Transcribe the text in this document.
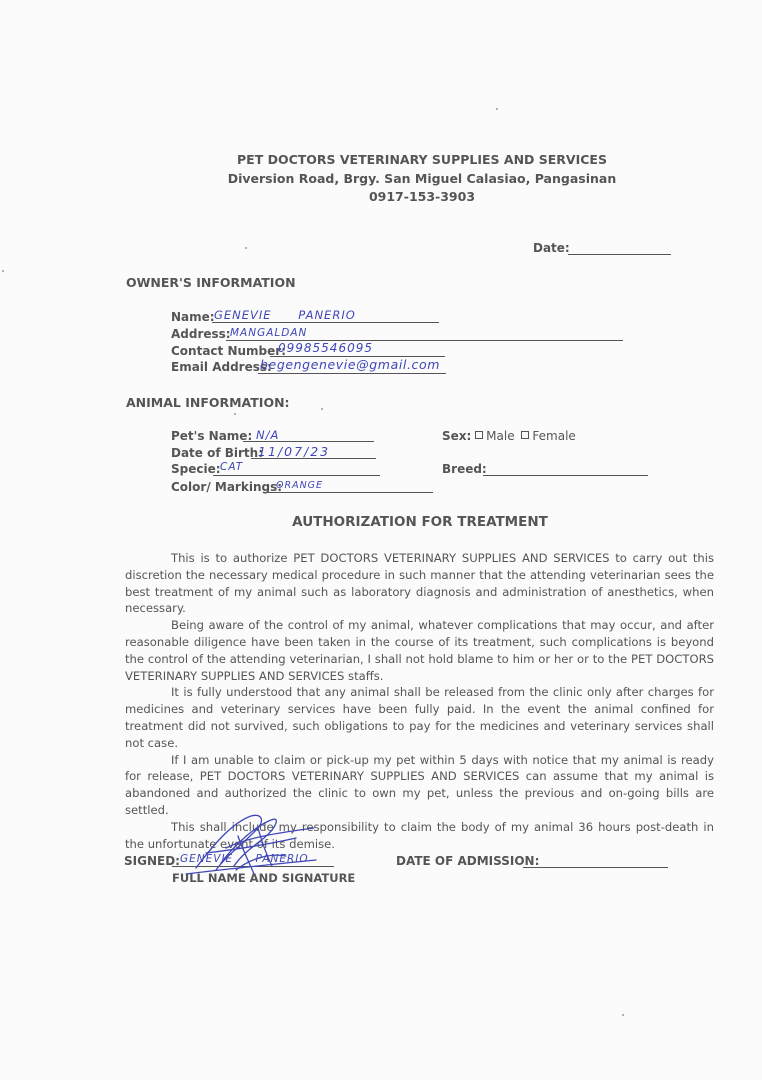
PET DOCTORS VETERINARY SUPPLIES AND SERVICES
Diversion Road, Brgy. San Miguel Calasiao, Pangasinan
0917-153-3903
Date:
OWNER'S INFORMATION
Name: GENEVIE PANERIO
Address: MANGALDAN
Contact Number:
09985546095
Email Address:
begengenevie@gmail.com
ANIMAL INFORMATION:
Pet's Name: N/A
Date of Birth:
11/07/23
Specie: CAT
Color/ Markings:
ORANGE
Sex: Male Female
Breed:
AUTHORIZATION FOR TREATMENT

This is to authorize PET DOCTORS VETERINARY SUPPLIES AND SERVICES to carry out this discretion the necessary medical procedure in such manner that the attending veterinarian sees the best treatment of my animal such as laboratory diagnosis and administration of anesthetics, when necessary.

Being aware of the control of my animal, whatever complications that may occur, and after reasonable diligence have been taken in the course of its treatment, such complications is beyond the control of the attending veterinarian, I shall not hold blame to him or her or to the PET DOCTORS VETERINARY SUPPLIES AND SERVICES staffs.

It is fully understood that any animal shall be released from the clinic only after charges for medicines and veterinary services have been fully paid. In the event the animal confined for treatment did not survived, such obligations to pay for the medicines and veterinary services shall not case.

If I am unable to claim or pick-up my pet within 5 days with notice that my animal is ready for release, PET DOCTORS VETERINARY SUPPLIES AND SERVICES can assume that my animal is abandoned and authorized the clinic to own my pet, unless the previous and on-going bills are settled.

This shall include my responsibility to claim the body of my animal 36 hours post-death in the unfortunate event of its demise.

SIGNED: GENEVIE PANERIO
FULL NAME AND SIGNATURE
DATE OF ADMISSION:
